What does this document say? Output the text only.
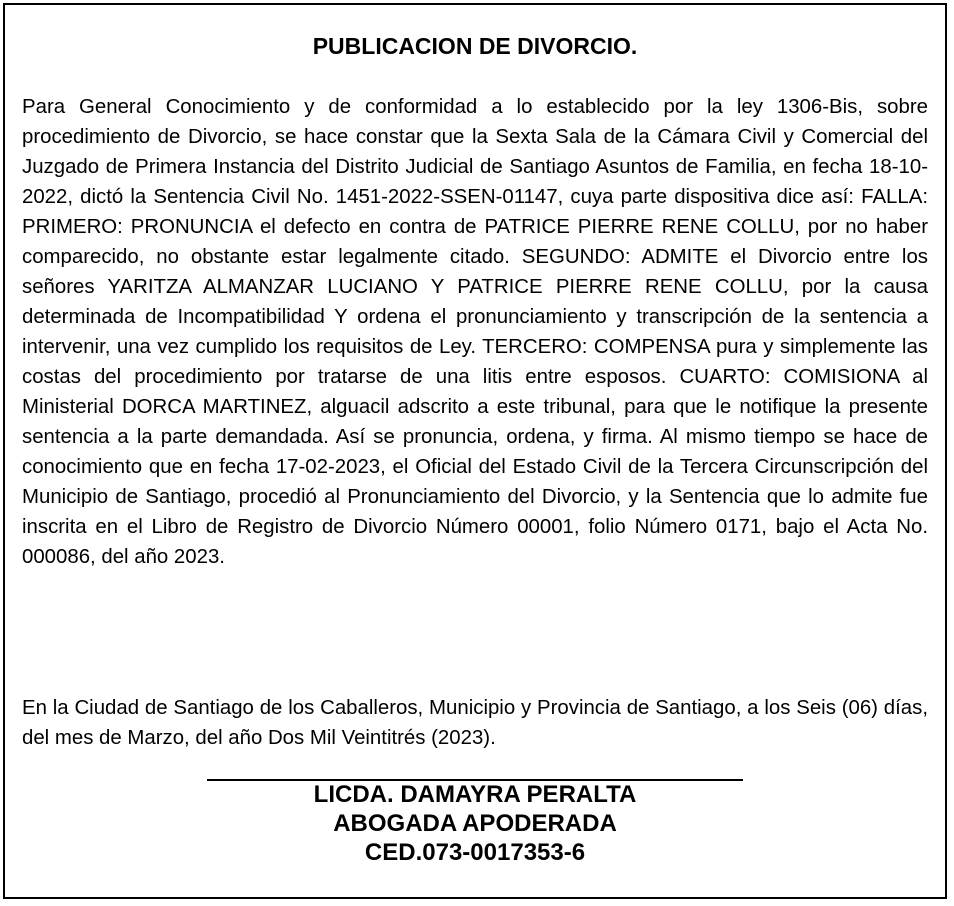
PUBLICACION DE DIVORCIO.

Para General Conocimiento y de conformidad a lo establecido por la ley 1306-Bis, sobre procedimiento de Divorcio, se hace constar que la Sexta Sala de la Cámara Civil y Comercial del Juzgado de Primera Instancia del Distrito Judicial de Santiago Asuntos de Familia, en fecha 18-10-2022, dictó la Sentencia Civil No. 1451-2022-SSEN-01147, cuya parte dispositiva dice así: FALLA: PRIMERO: PRONUNCIA el defecto en contra de PATRICE PIERRE RENE COLLU, por no haber comparecido, no obstante estar legalmente citado. SEGUNDO: ADMITE el Divorcio entre los señores YARITZA ALMANZAR LUCIANO Y PATRICE PIERRE RENE COLLU, por la causa determinada de Incompatibilidad Y ordena el pronunciamiento y transcripción de la sentencia a intervenir, una vez cumplido los requisitos de Ley. TERCERO: COMPENSA pura y simplemente las costas del procedimiento por tratarse de una litis entre esposos. CUARTO: COMISIONA al Ministerial DORCA MARTINEZ, alguacil adscrito a este tribunal, para que le notifique la presente sentencia a la parte demandada. Así se pronuncia, ordena, y firma. Al mismo tiempo se hace de conocimiento que en fecha 17-02-2023, el Oficial del Estado Civil de la Tercera Circunscripción del Municipio de Santiago, procedió al Pronunciamiento del Divorcio, y la Sentencia que lo admite fue inscrita en el Libro de Registro de Divorcio Número 00001, folio Número 0171, bajo el Acta No. 000086, del año 2023.

En la Ciudad de Santiago de los Caballeros, Municipio y Provincia de Santiago, a los Seis (06) días, del mes de Marzo, del año Dos Mil Veintitrés (2023).

LICDA. DAMAYRA PERALTA
ABOGADA APODERADA
CED.073-0017353-6
